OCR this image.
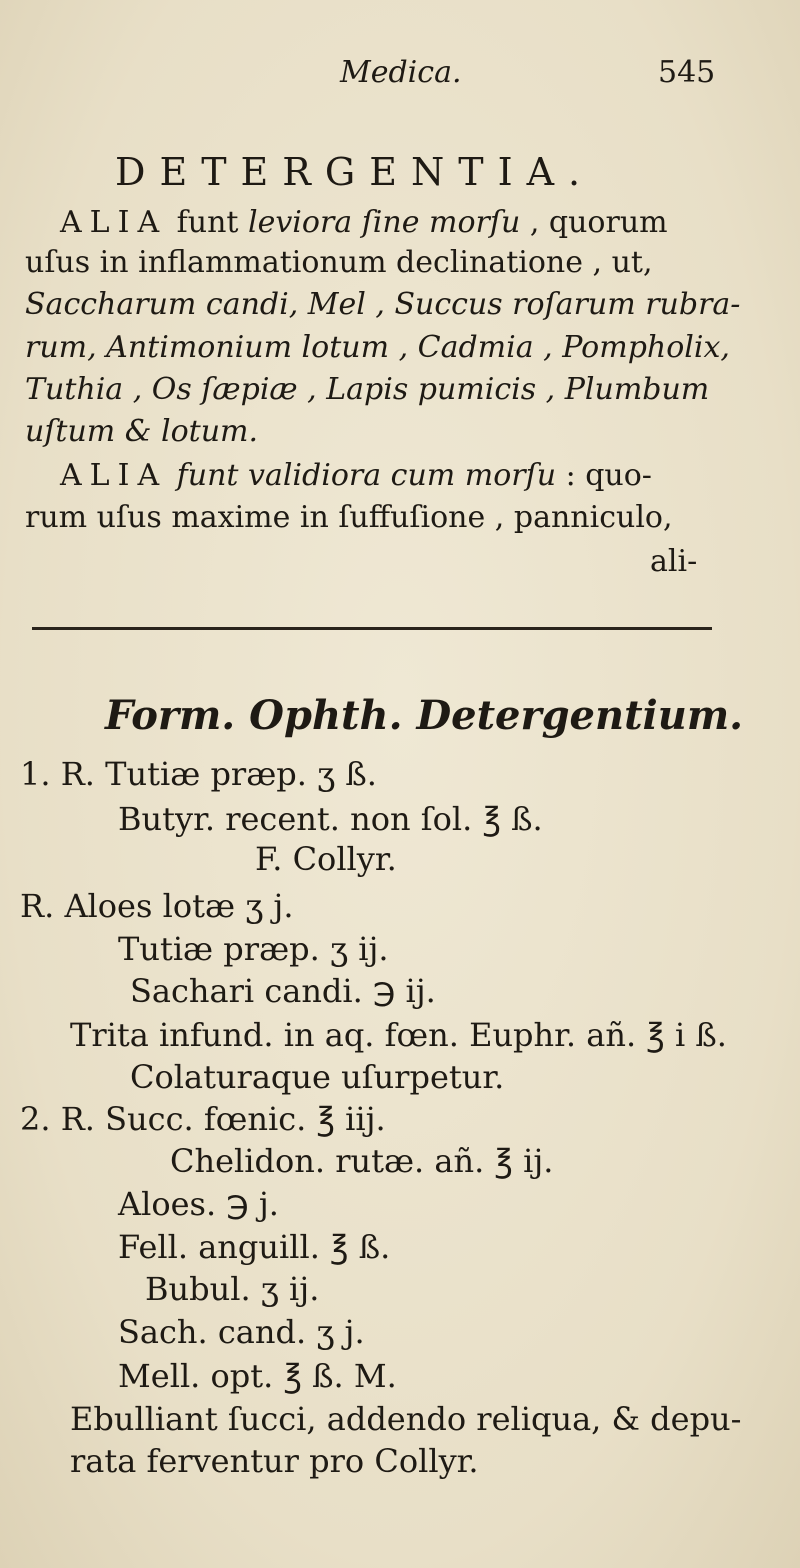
Medica.	545
DETERGENTIA.
ALIA funt leviora ſine morſu , quorum
uſus in inflammationum declinatione , ut,
Saccharum candi, Mel , Succus roſarum rubra-
rum, Antimonium lotum , Cadmia , Pompholix,
Tuthia , Os ſæpiæ , Lapis pumicis , Plumbum
uſtum & lotum.
ALIA funt validiora cum morſu : quo-
rum uſus maxime in ſuffuſione , panniculo,
ali-
Form. Ophth. Detergentium.
1. R. Tutiæ præp. ʒ ß.
Butyr. recent. non ſol. ℥ ß.
F. Collyr.
R. Aloes lotæ ʒ j.
Tutiæ præp. ʒ ij.
Sachari candi. ℈ ij.
Trita infund. in aq. fœn. Euphr. añ. ℥ i ß.
Colaturaque uſurpetur.
2. R. Succ. fœnic. ℥ iij.
Chelidon. rutæ. añ. ℥ ij.
Aloes. ℈ j.
Fell. anguill. ℥ ß.
Bubul. ʒ ij.
Sach. cand. ʒ j.
Mell. opt. ℥ ß. M.
Ebulliant ſucci, addendo reliqua, & depu-
rata ferventur pro Collyr.
